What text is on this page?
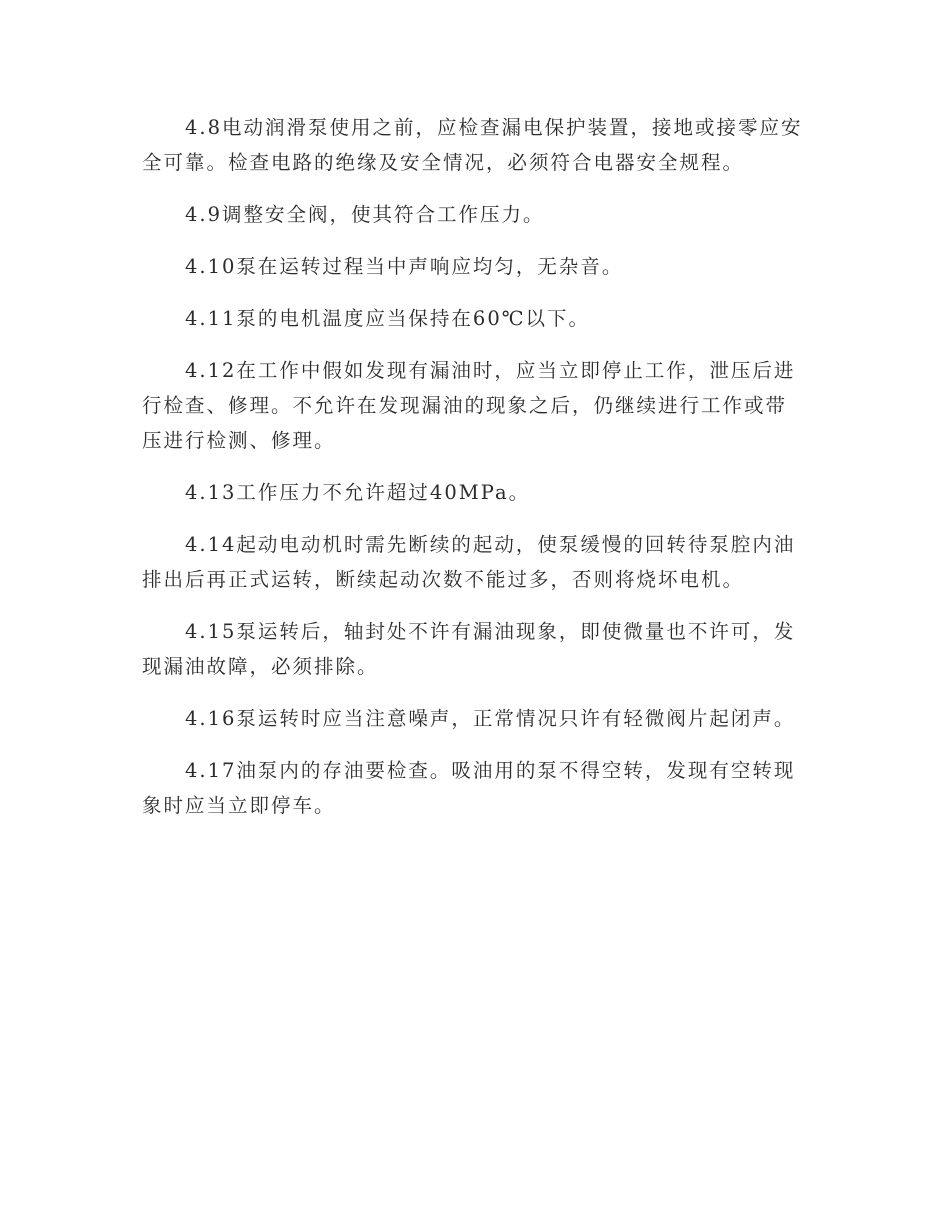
4.8电动润滑泵使用之前，应检查漏电保护装置，接地或接零应安全可靠。检查电路的绝缘及安全情况，必须符合电器安全规程。

4.9调整安全阀，使其符合工作压力。

4.10泵在运转过程当中声响应均匀，无杂音。

4.11泵的电机温度应当保持在60℃以下。

4.12在工作中假如发现有漏油时，应当立即停止工作，泄压后进行检查、修理。不允许在发现漏油的现象之后，仍继续进行工作或带压进行检测、修理。

4.13工作压力不允许超过40MPa。

4.14起动电动机时需先断续的起动，使泵缓慢的回转待泵腔内油排出后再正式运转，断续起动次数不能过多，否则将烧坏电机。

4.15泵运转后，轴封处不许有漏油现象，即使微量也不许可，发现漏油故障，必须排除。

4.16泵运转时应当注意噪声，正常情况只许有轻微阀片起闭声。

4.17油泵内的存油要检查。吸油用的泵不得空转，发现有空转现象时应当立即停车。
